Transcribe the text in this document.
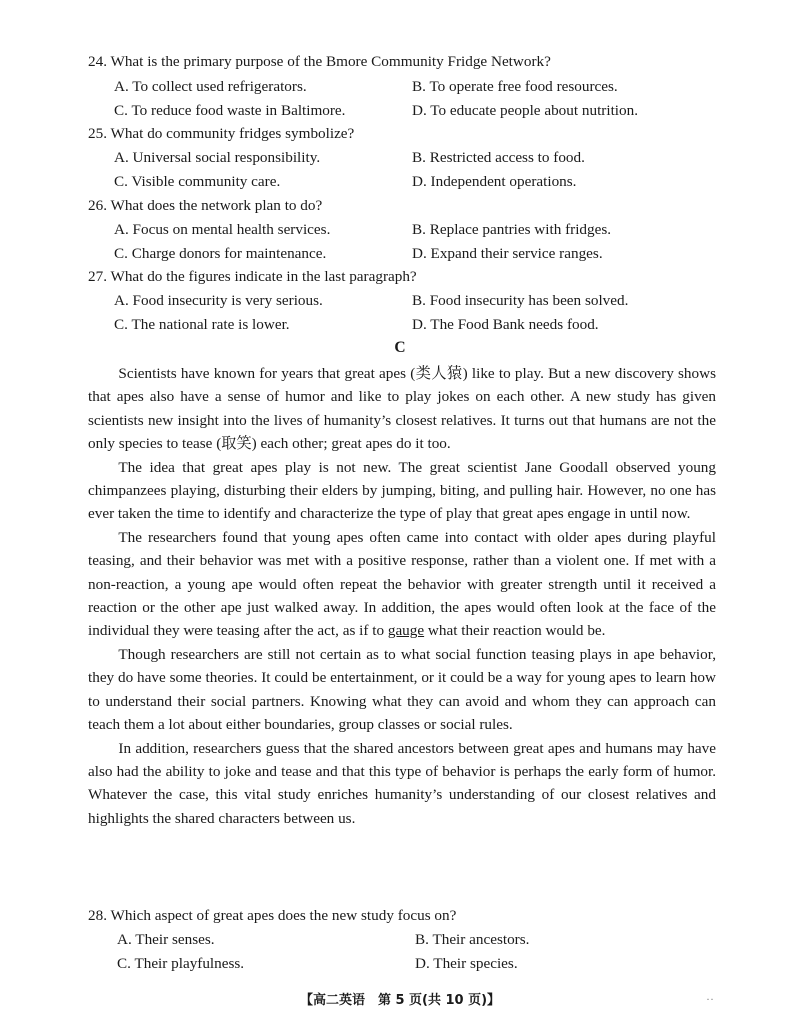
24. What is the primary purpose of the Bmore Community Fridge Network?
A. To collect used refrigerators.	B. To operate free food resources.
C. To reduce food waste in Baltimore.	D. To educate people about nutrition.
25. What do community fridges symbolize?
A. Universal social responsibility.	B. Restricted access to food.
C. Visible community care.	D. Independent operations.
26. What does the network plan to do?
A. Focus on mental health services.	B. Replace pantries with fridges.
C. Charge donors for maintenance.	D. Expand their service ranges.
27. What do the figures indicate in the last paragraph?
A. Food insecurity is very serious.	B. Food insecurity has been solved.
C. The national rate is lower.	D. The Food Bank needs food.
C

Scientists have known for years that great apes (类人猿) like to play. But a new discovery shows that apes also have a sense of humor and like to play jokes on each other. A new study has given scientists new insight into the lives of humanity’s closest relatives. It turns out that humans are not the only species to tease (取笑) each other; great apes do it too.

The idea that great apes play is not new. The great scientist Jane Goodall observed young chimpanzees playing, disturbing their elders by jumping, biting, and pulling hair. However, no one has ever taken the time to identify and characterize the type of play that great apes engage in until now.

The researchers found that young apes often came into contact with older apes during playful teasing, and their behavior was met with a positive response, rather than a violent one. If met with a non-reaction, a young ape would often repeat the behavior with greater strength until it received a reaction or the other ape just walked away. In addition, the apes would often look at the face of the individual they were teasing after the act, as if to gauge what their reaction would be.

Though researchers are still not certain as to what social function teasing plays in ape behavior, they do have some theories. It could be entertainment, or it could be a way for young apes to learn how to understand their social partners. Knowing what they can avoid and whom they can approach can teach them a lot about either boundaries, group classes or social rules.

In addition, researchers guess that the shared ancestors between great apes and humans may have also had the ability to joke and tease and that this type of behavior is perhaps the early form of humor. Whatever the case, this vital study enriches humanity’s understanding of our closest relatives and highlights the shared characters between us.

28. Which aspect of great apes does the new study focus on?
A. Their senses.	B. Their ancestors.
C. Their playfulness.	D. Their species.
【高二英语　第 5 页(共 10 页)】	··
